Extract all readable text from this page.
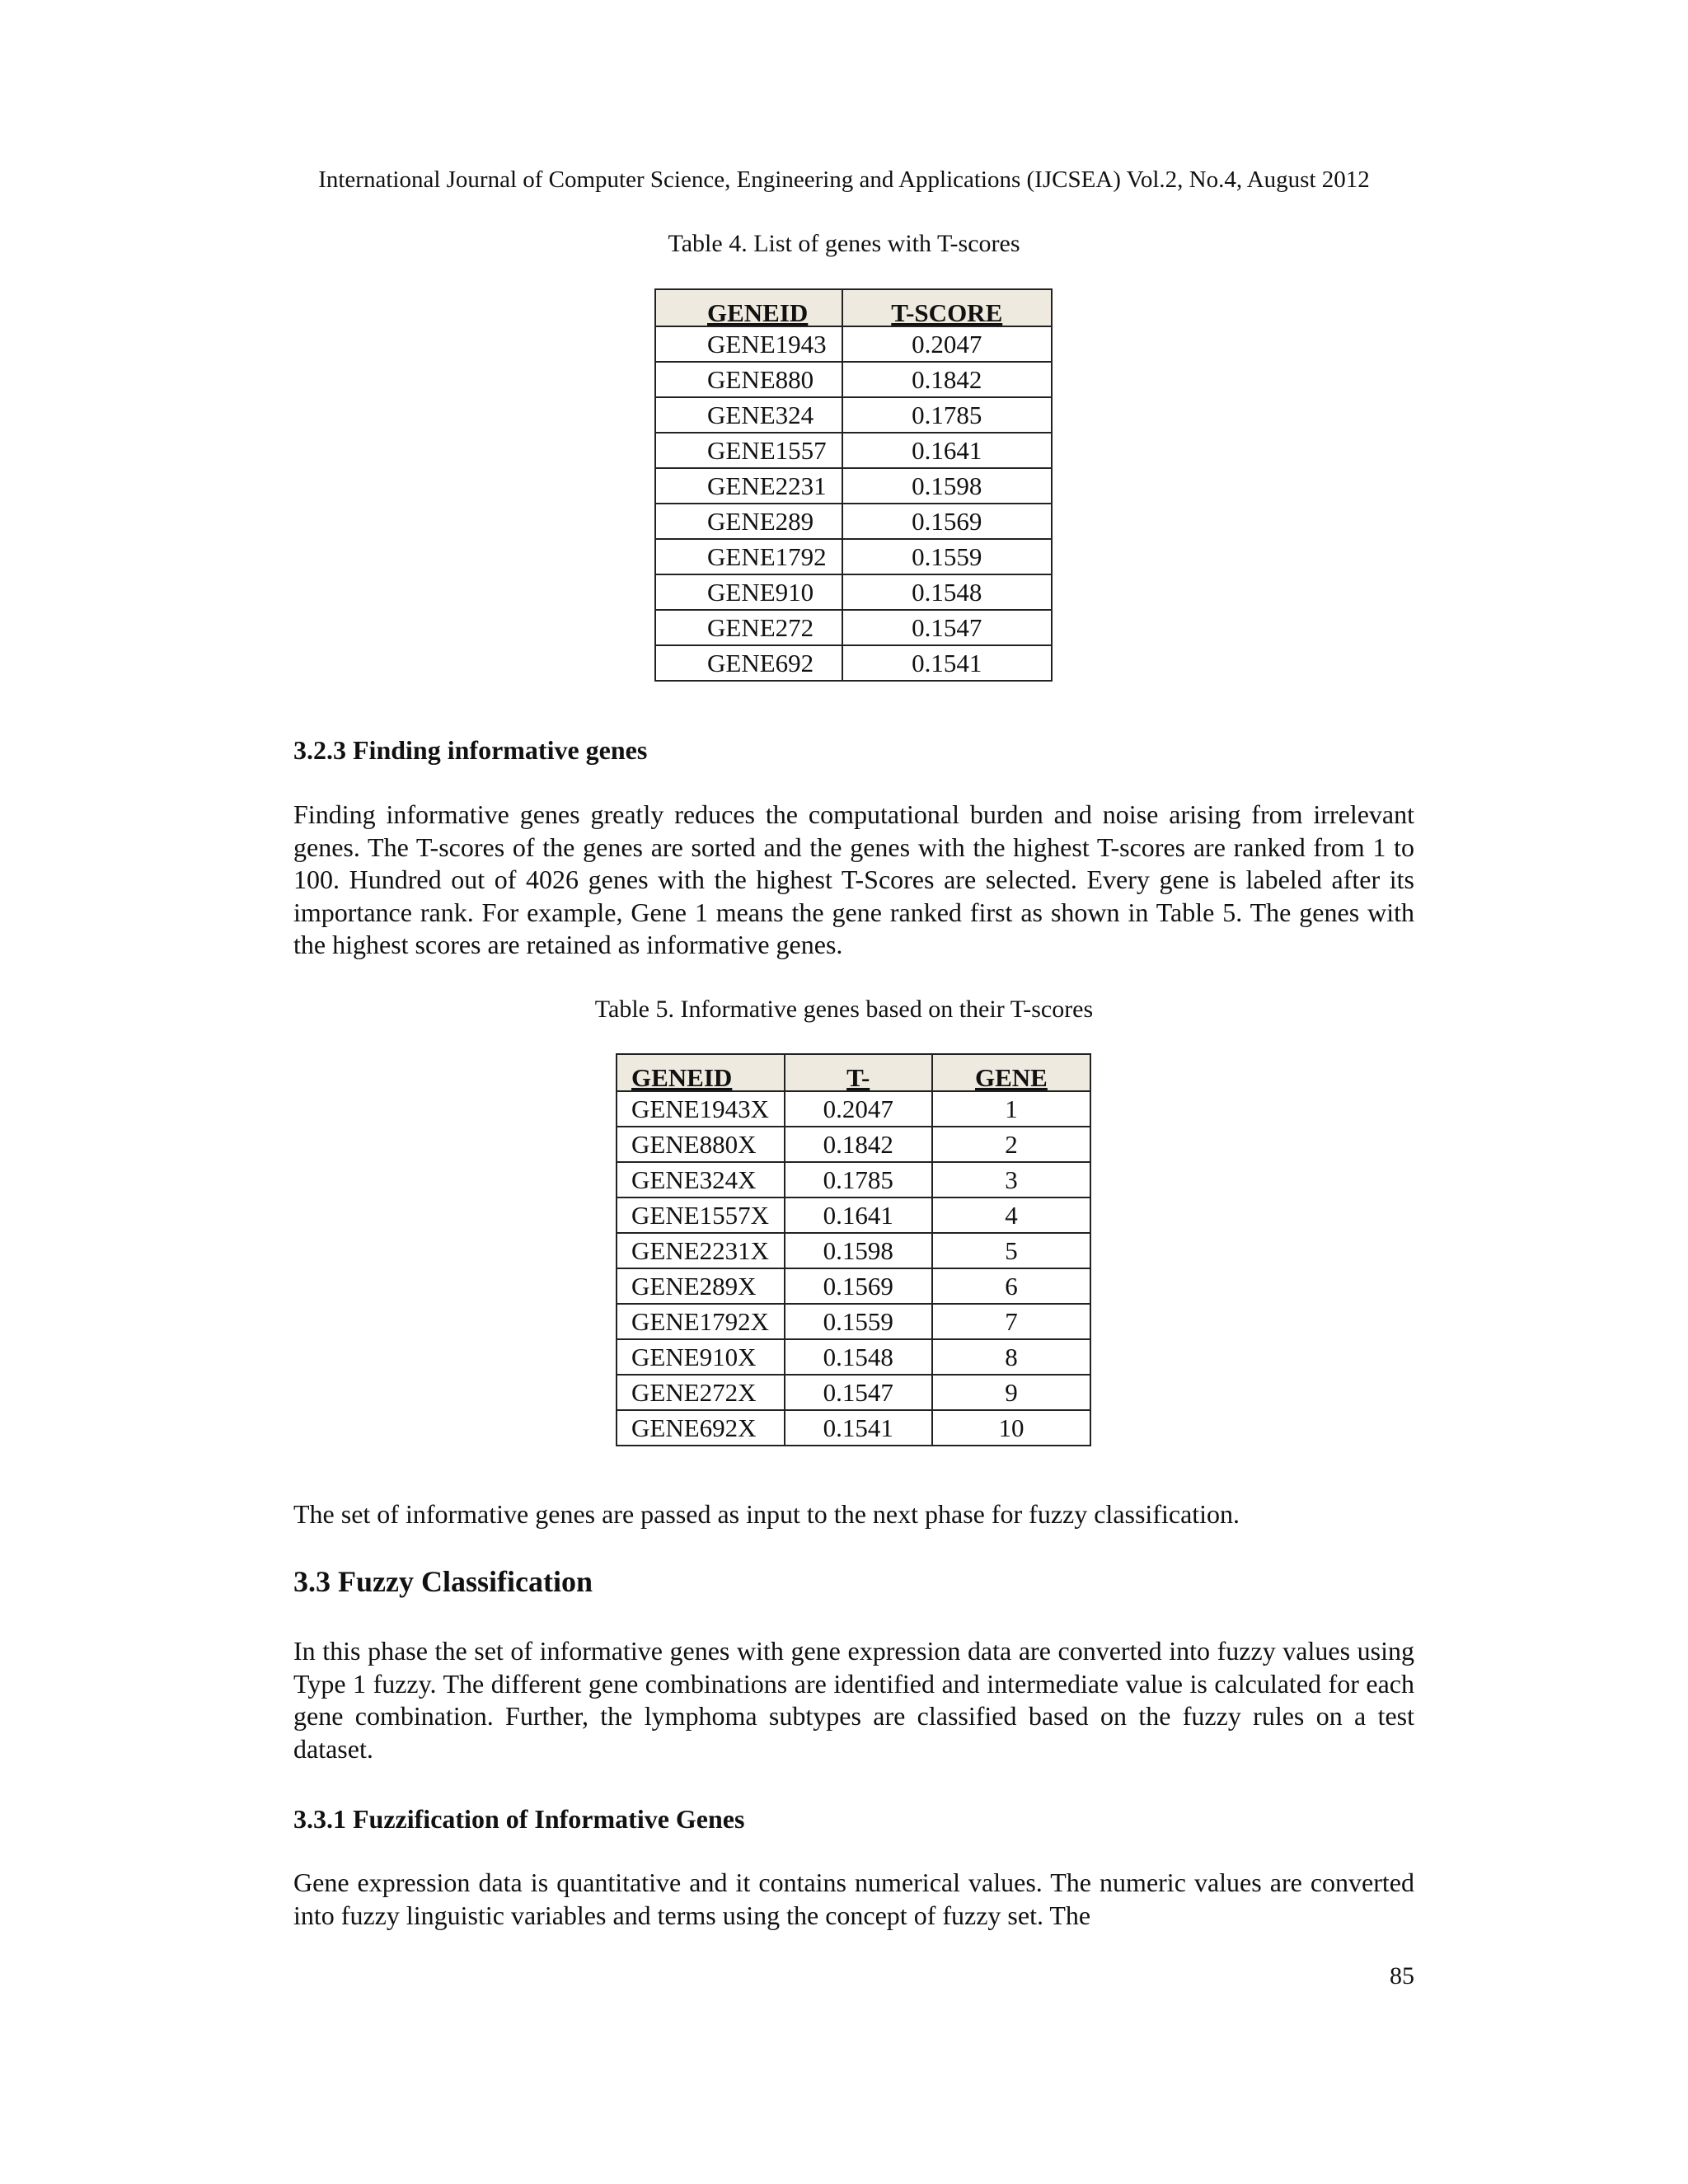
International Journal of Computer Science, Engineering and Applications (IJCSEA) Vol.2, No.4, August 2012
Table 4. List of genes with T-scores
GENEID	T-SCORE
GENE1943	0.2047
GENE880	0.1842
GENE324	0.1785
GENE1557	0.1641
GENE2231	0.1598
GENE289	0.1569
GENE1792	0.1559
GENE910	0.1548
GENE272	0.1547
GENE692	0.1541
3.2.3 Finding informative genes
Finding informative genes greatly reduces the computational burden and noise arising from irrelevant genes. The T-scores of the genes are sorted and the genes with the highest T-scores are ranked from 1 to 100. Hundred out of 4026 genes with the highest T-Scores are selected. Every gene is labeled after its importance rank. For example, Gene 1 means the gene ranked first as shown in Table 5. The genes with the highest scores are retained as informative genes.
Table 5. Informative genes based on their T-scores
GENEID	T-	GENE
GENE1943X	0.2047	1
GENE880X	0.1842	2
GENE324X	0.1785	3
GENE1557X	0.1641	4
GENE2231X	0.1598	5
GENE289X	0.1569	6
GENE1792X	0.1559	7
GENE910X	0.1548	8
GENE272X	0.1547	9
GENE692X	0.1541	10
The set of informative genes are passed as input to the next phase for fuzzy classification.
3.3 Fuzzy Classification
In this phase the set of informative genes with gene expression data are converted into fuzzy values using Type 1 fuzzy. The different gene combinations are identified and intermediate value is calculated for each gene combination. Further, the lymphoma subtypes are classified based on the fuzzy rules on a test dataset.
3.3.1 Fuzzification of Informative Genes
Gene expression data is quantitative and it contains numerical values. The numeric values are converted into fuzzy linguistic variables and terms using the concept of fuzzy set. The
85
